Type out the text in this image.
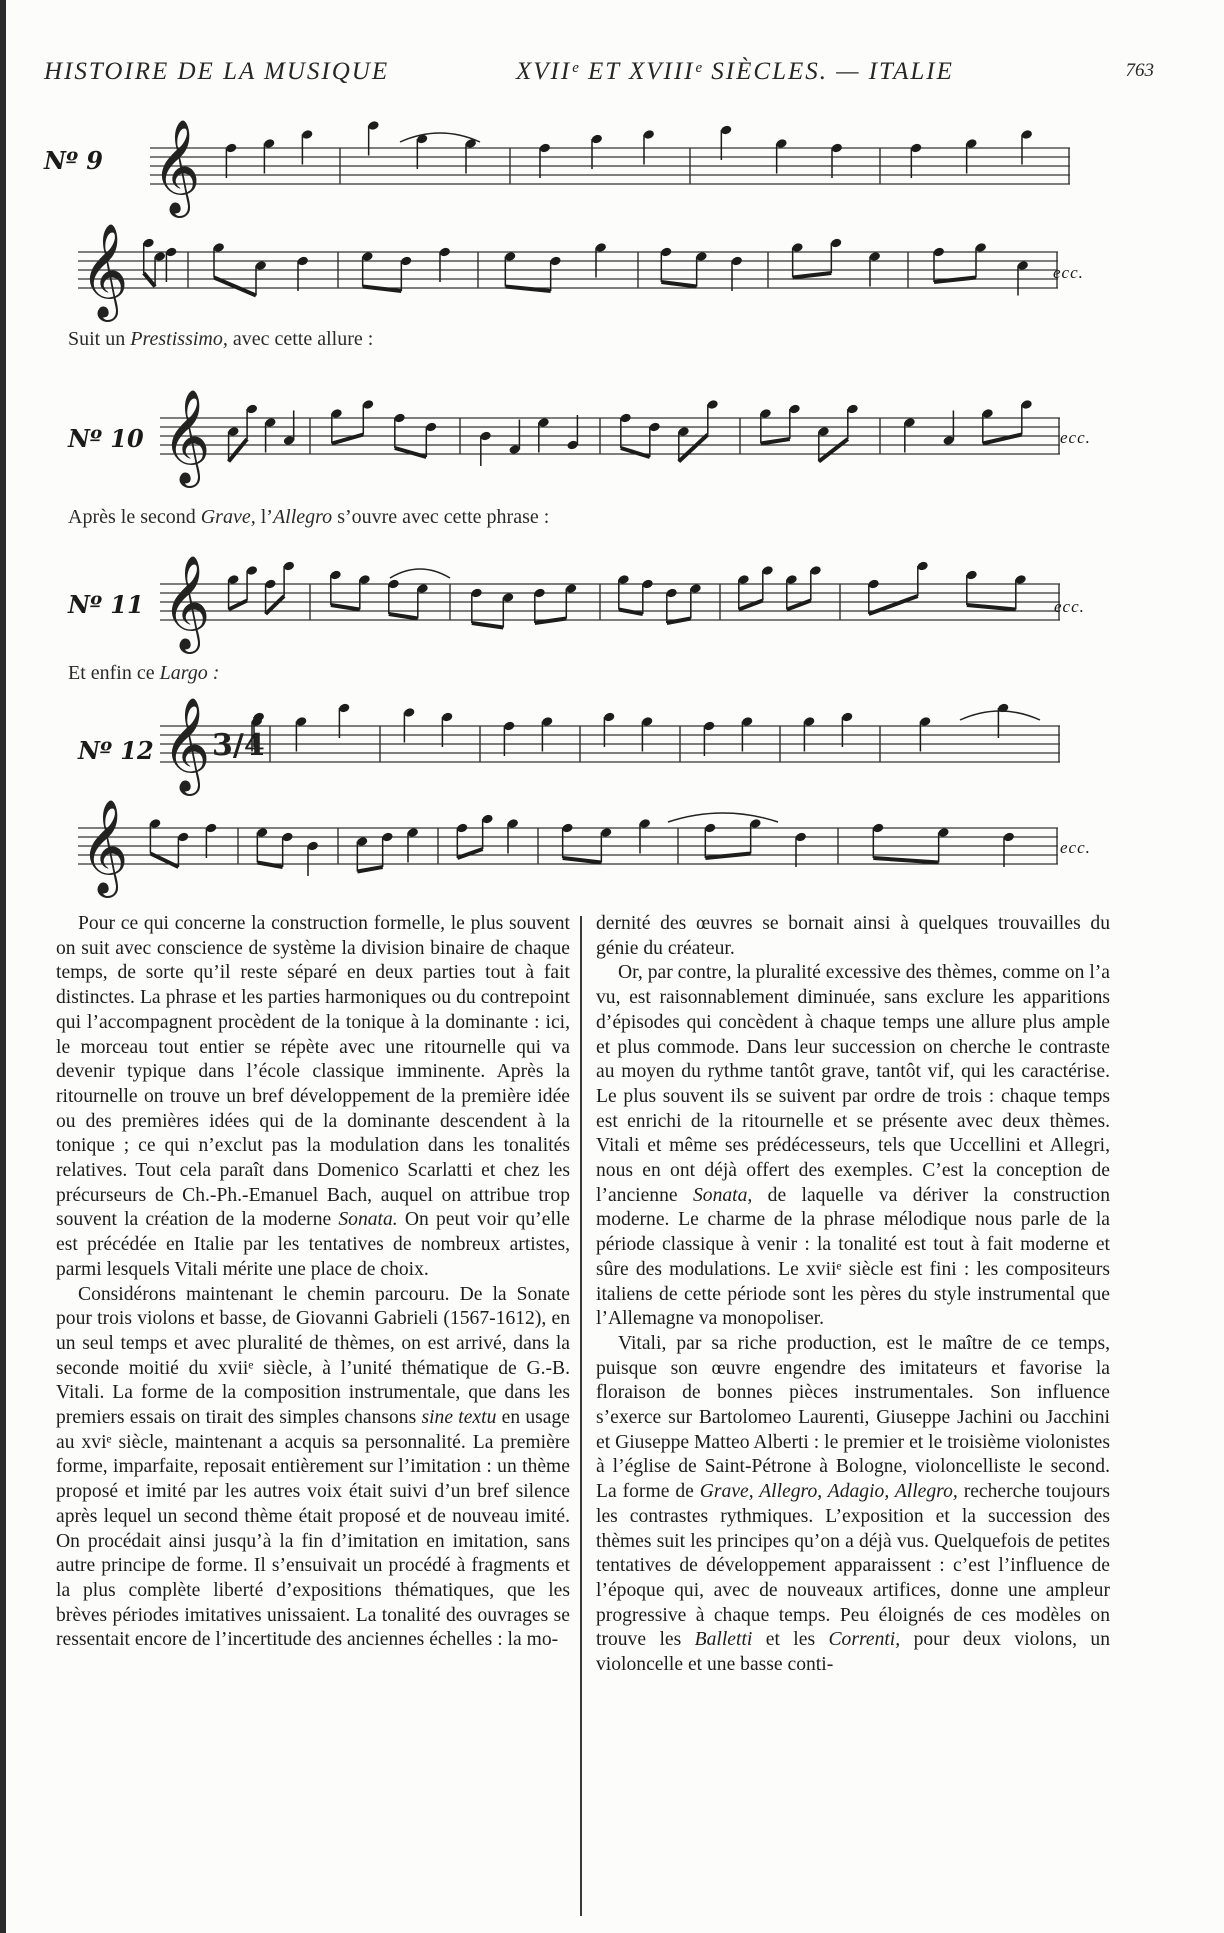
HISTOIRE DE LA MUSIQUE	XVIIᵉ ET XVIIIᵉ SIÈCLES. — ITALIE	763
Nº 9 𝄞
𝄞	ecc.
Suit un Prestissimo, avec cette allure :
Nº 10 𝄞	ecc.
Après le second Grave, l’Allegro s’ouvre avec cette phrase :
Nº 11 𝄞	ecc.
Et enfin ce Largo :
Nº 12 𝄞 3/4
𝄞	ecc.

Pour ce qui concerne la construction formelle, le plus souvent on suit avec conscience de système la division binaire de chaque temps, de sorte qu’il reste séparé en deux parties tout à fait distinctes. La phrase et les parties harmoniques ou du contrepoint qui l’accompagnent procèdent de la tonique à la dominante : ici, le morceau tout entier se répète avec une ritournelle qui va devenir typique dans l’école classique imminente. Après la ritournelle on trouve un bref développement de la première idée ou des premières idées qui de la dominante descendent à la tonique ; ce qui n’exclut pas la modulation dans les tonalités relatives. Tout cela paraît dans Domenico Scarlatti et chez les précurseurs de Ch.-Ph.-Emanuel Bach, auquel on attribue trop souvent la création de la moderne Sonata. On peut voir qu’elle est précédée en Italie par les tentatives de nombreux artistes, parmi lesquels Vitali mérite une place de choix.

Considérons maintenant le chemin parcouru. De la Sonate pour trois violons et basse, de Giovanni Gabrieli (1567-1612), en un seul temps et avec pluralité de thèmes, on est arrivé, dans la seconde moitié du xviiᵉ siècle, à l’unité thématique de G.-B. Vitali. La forme de la composition instrumentale, que dans les premiers essais on tirait des simples chansons sine textu en usage au xviᵉ siècle, maintenant a acquis sa personnalité. La première forme, imparfaite, reposait entièrement sur l’imitation : un thème proposé et imité par les autres voix était suivi d’un bref silence après lequel un second thème était proposé et de nouveau imité. On procédait ainsi jusqu’à la fin d’imitation en imitation, sans autre principe de forme. Il s’ensuivait un procédé à fragments et la plus complète liberté d’expositions thématiques, que les brèves périodes imitatives unissaient. La tonalité des ouvrages se ressentait encore de l’incertitude des anciennes échelles : la mo-

dernité des œuvres se bornait ainsi à quelques trouvailles du génie du créateur.

Or, par contre, la pluralité excessive des thèmes, comme on l’a vu, est raisonnablement diminuée, sans exclure les apparitions d’épisodes qui concèdent à chaque temps une allure plus ample et plus commode. Dans leur succession on cherche le contraste au moyen du rythme tantôt grave, tantôt vif, qui les caractérise. Le plus souvent ils se suivent par ordre de trois : chaque temps est enrichi de la ritournelle et se présente avec deux thèmes. Vitali et même ses prédécesseurs, tels que Uccellini et Allegri, nous en ont déjà offert des exemples. C’est la conception de l’ancienne Sonata, de laquelle va dériver la construction moderne. Le charme de la phrase mélodique nous parle de la période classique à venir : la tonalité est tout à fait moderne et sûre des modulations. Le xviiᵉ siècle est fini : les compositeurs italiens de cette période sont les pères du style instrumental que l’Allemagne va monopoliser.

Vitali, par sa riche production, est le maître de ce temps, puisque son œuvre engendre des imitateurs et favorise la floraison de bonnes pièces instrumentales. Son influence s’exerce sur Bartolomeo Laurenti, Giuseppe Jachini ou Jacchini et Giuseppe Matteo Alberti : le premier et le troisième violonistes à l’église de Saint-Pétrone à Bologne, violoncelliste le second. La forme de Grave, Allegro, Adagio, Allegro, recherche toujours les contrastes rythmiques. L’exposition et la succession des thèmes suit les principes qu’on a déjà vus. Quelquefois de petites tentatives de développement apparaissent : c’est l’influence de l’époque qui, avec de nouveaux artifices, donne une ampleur progressive à chaque temps. Peu éloignés de ces modèles on trouve les Balletti et les Correnti, pour deux violons, un violoncelle et une basse conti-
